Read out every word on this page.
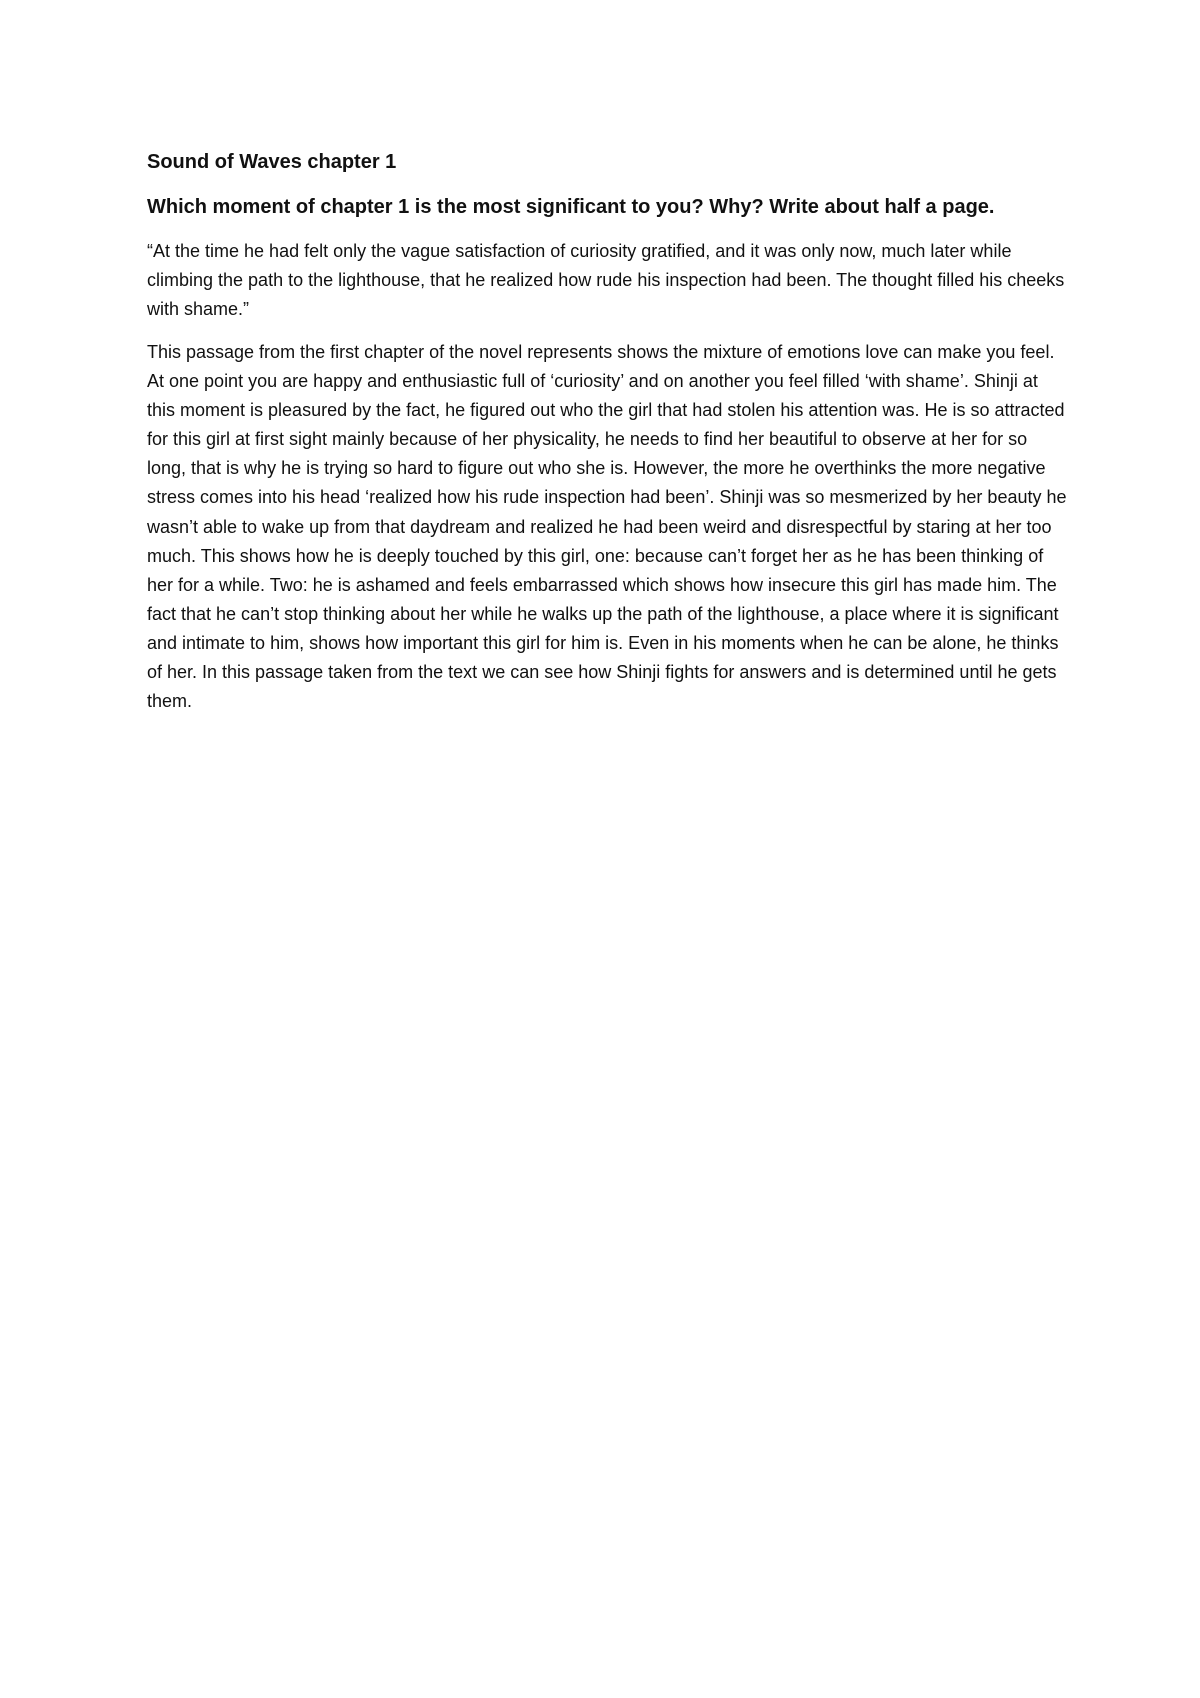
Sound of Waves chapter 1
Which moment of chapter 1 is the most significant to you? Why? Write about half a page.

“At the time he had felt only the vague satisfaction of curiosity gratified, and it was only now, much later while climbing the path to the lighthouse, that he realized how rude his inspection had been. The thought filled his cheeks with shame.”

This passage from the first chapter of the novel represents shows the mixture of emotions love can make you feel. At one point you are happy and enthusiastic full of ‘curiosity’ and on another you feel filled ‘with shame’. Shinji at this moment is pleasured by the fact, he figured out who the girl that had stolen his attention was. He is so attracted for this girl at first sight mainly because of her physicality, he needs to find her beautiful to observe at her for so long, that is why he is trying so hard to figure out who she is. However, the more he overthinks the more negative stress comes into his head ‘realized how his rude inspection had been’. Shinji was so mesmerized by her beauty he wasn’t able to wake up from that daydream and realized he had been weird and disrespectful by staring at her too much. This shows how he is deeply touched by this girl, one: because can’t forget her as he has been thinking of her for a while. Two: he is ashamed and feels embarrassed which shows how insecure this girl has made him. The fact that he can’t stop thinking about her while he walks up the path of the lighthouse, a place where it is significant and intimate to him, shows how important this girl for him is. Even in his moments when he can be alone, he thinks of her. In this passage taken from the text we can see how Shinji fights for answers and is determined until he gets them.
